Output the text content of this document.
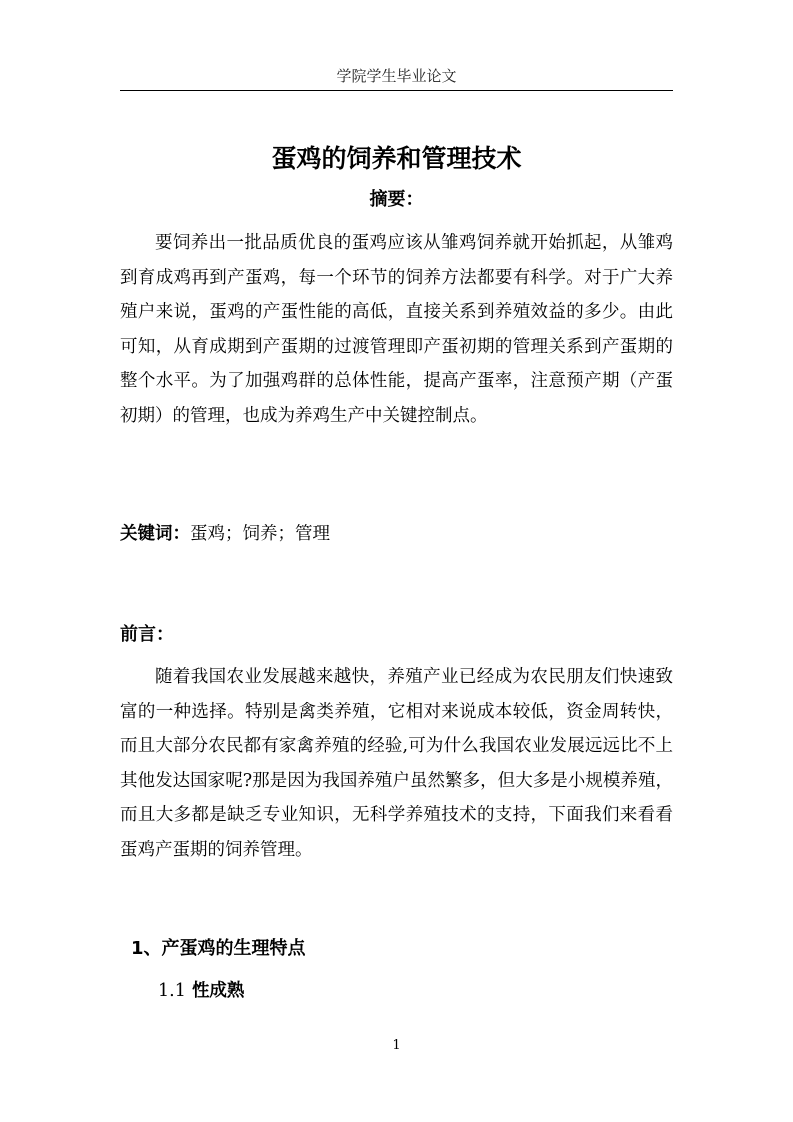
学院学生毕业论文
蛋鸡的饲养和管理技术
摘要：

要饲养出一批品质优良的蛋鸡应该从雏鸡饲养就开始抓起，从雏鸡到育成鸡再到产蛋鸡，每一个环节的饲养方法都要有科学。对于广大养殖户来说，蛋鸡的产蛋性能的高低，直接关系到养殖效益的多少。由此可知，从育成期到产蛋期的过渡管理即产蛋初期的管理关系到产蛋期的整个水平。为了加强鸡群的总体性能，提高产蛋率，注意预产期（产蛋初期）的管理，也成为养鸡生产中关键控制点。

关键词：蛋鸡；饲养；管理
前言：

随着我国农业发展越来越快，养殖产业已经成为农民朋友们快速致富的一种选择。特别是禽类养殖，它相对来说成本较低，资金周转快，而且大部分农民都有家禽养殖的经验,可为什么我国农业发展远远比不上其他发达国家呢?那是因为我国养殖户虽然繁多，但大多是小规模养殖，而且大多都是缺乏专业知识，无科学养殖技术的支持，下面我们来看看蛋鸡产蛋期的饲养管理。

1、产蛋鸡的生理特点
1.1 性成熟
1
